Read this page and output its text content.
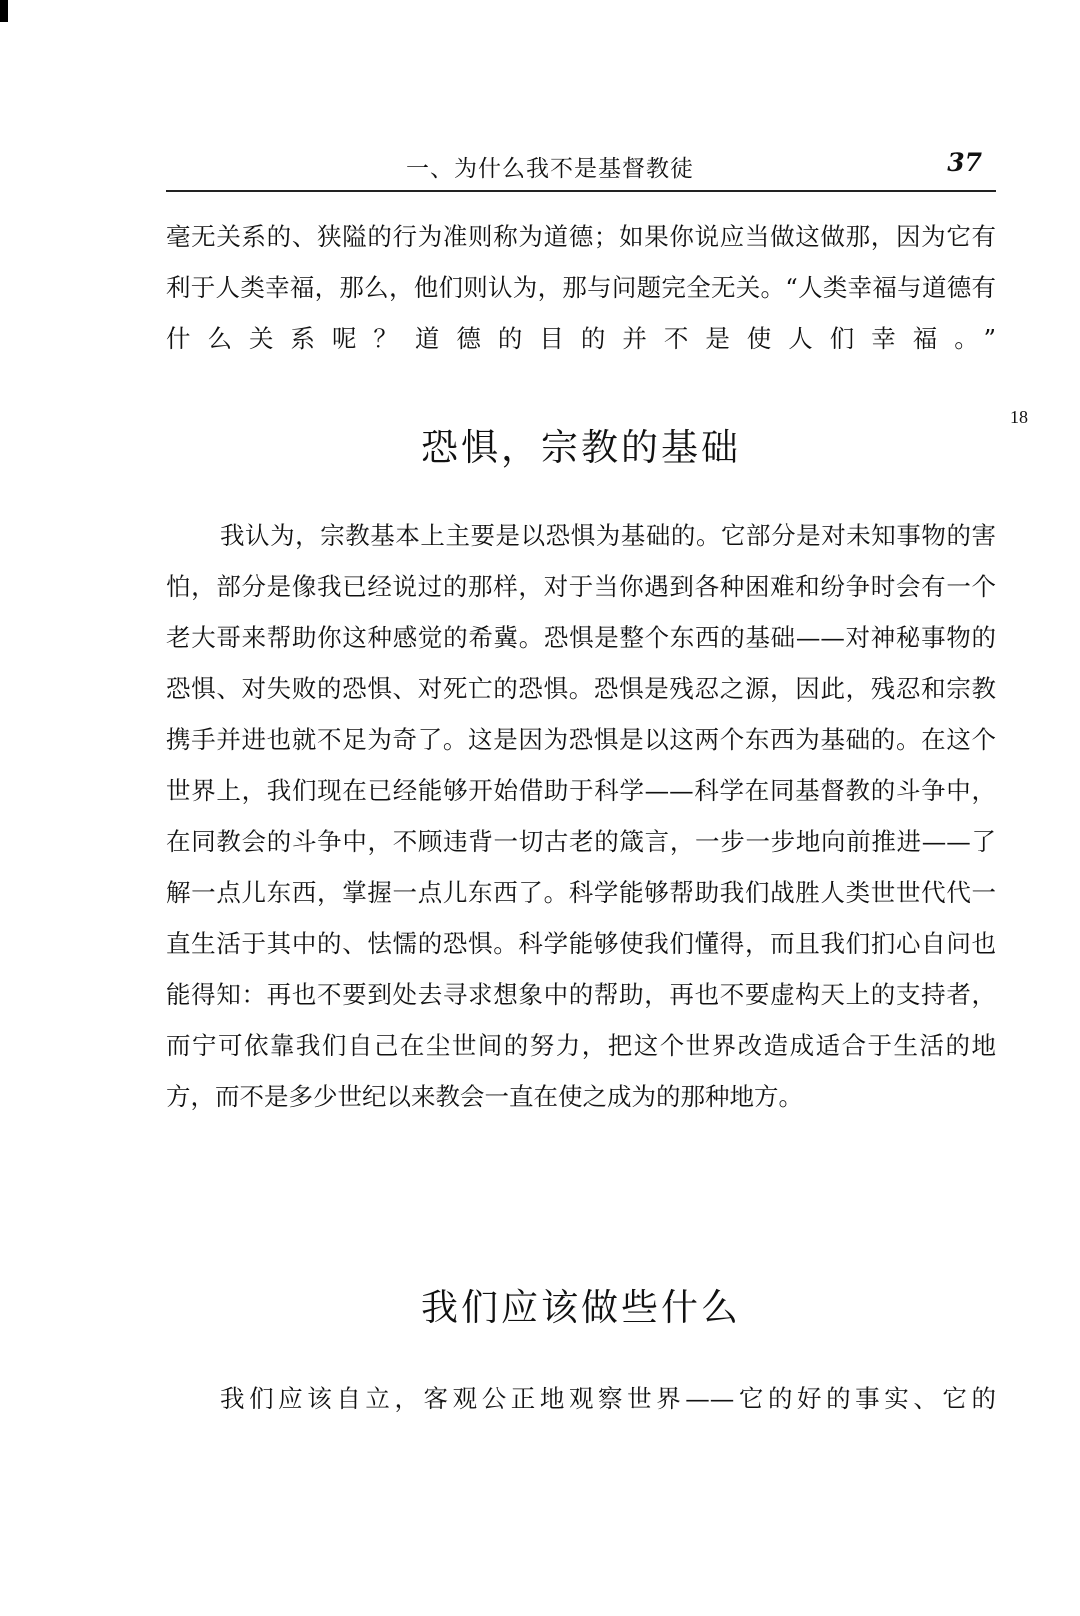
一、为什么我不是基督教徒	37
18
毫无关系的、狭隘的行为准则称为道德；如果你说应当做这做那，因为它有利于人类幸福，那么，他们则认为，那与问题完全无关。“人类幸福与道德有什么关系呢？道德的目的并不是使人们幸福。”
恐惧，宗教的基础
我认为，宗教基本上主要是以恐惧为基础的。它部分是对未知事物的害怕，部分是像我已经说过的那样，对于当你遇到各种困难和纷争时会有一个老大哥来帮助你这种感觉的希冀。恐惧是整个东西的基础——对神秘事物的恐惧、对失败的恐惧、对死亡的恐惧。恐惧是残忍之源，因此，残忍和宗教携手并进也就不足为奇了。这是因为恐惧是以这两个东西为基础的。在这个世界上，我们现在已经能够开始借助于科学——科学在同基督教的斗争中，在同教会的斗争中，不顾违背一切古老的箴言，一步一步地向前推进——了解一点儿东西，掌握一点儿东西了。科学能够帮助我们战胜人类世世代代一直生活于其中的、怯懦的恐惧。科学能够使我们懂得，而且我们扪心自问也能得知：再也不要到处去寻求想象中的帮助，再也不要虚构天上的支持者，而宁可依靠我们自己在尘世间的努力，把这个世界改造成适合于生活的地方，而不是多少世纪以来教会一直在使之成为的那种地方。
我们应该做些什么
我们应该自立，客观公正地观察世界——它的好的事实、它的
